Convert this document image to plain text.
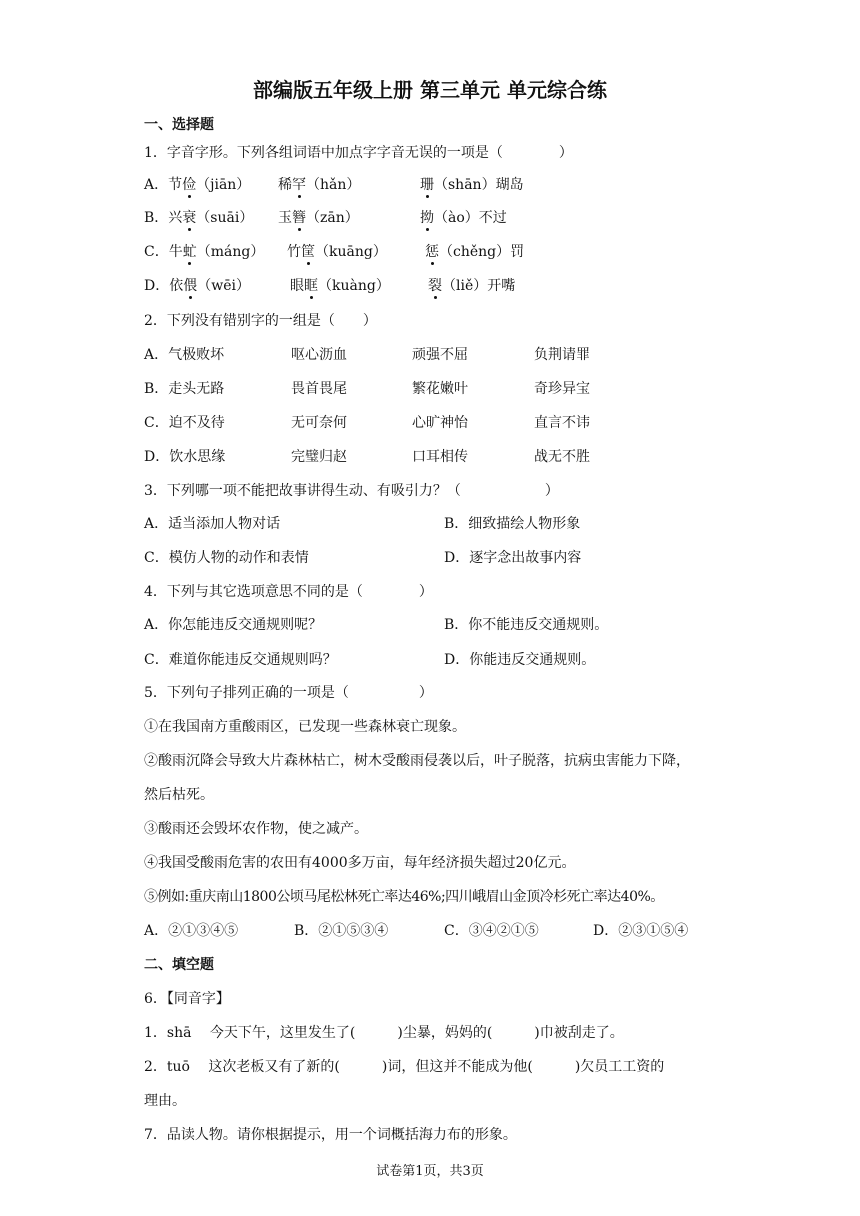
部编版五年级上册 第三单元 单元综合练
一、选择题
1．字音字形。下列各组词语中加点字字音无误的一项是（　　　　）
A．节俭（jiān） 稀罕（hǎn）	珊（shān）瑚岛
B．兴衰（suāi） 玉簪（zān）	拗（ào）不过
C．牛虻（máng） 竹筐（kuāng）	惩（chěng）罚
D．依偎（wēi）	眼眶（kuàng）	裂（liě）开嘴
2．下列没有错别字的一组是（　　）
A．气极败坏	呕心沥血	顽强不屈	负荆请罪
B．走头无路	畏首畏尾	繁花嫩叶	奇珍异宝
C．迫不及待	无可奈何	心旷神怡	直言不讳
D．饮水思缘	完璧归赵	口耳相传	战无不胜
3．下列哪一项不能把故事讲得生动、有吸引力？（　　　　　　）
A．适当添加人物对话	B．细致描绘人物形象
C．模仿人物的动作和表情	D．逐字念出故事内容
4．下列与其它选项意思不同的是（　　　　）
A．你怎能违反交通规则呢？	B．你不能违反交通规则。
C．难道你能违反交通规则吗？	D．你能违反交通规则。
5．下列句子排列正确的一项是（　　　　　）
①在我国南方重酸雨区，已发现一些森林衰亡现象。
②酸雨沉降会导致大片森林枯亡，树木受酸雨侵袭以后，叶子脱落，抗病虫害能力下降，
然后枯死。
③酸雨还会毁坏农作物，使之减产。
④我国受酸雨危害的农田有4000多万亩，每年经济损失超过20亿元。
⑤例如:重庆南山1800公顷马尾松林死亡率达46%;四川峨眉山金顶冷杉死亡率达40%。
A．②①③④⑤	B．②①⑤③④	C．③④②①⑤	D．②③①⑤④
二、填空题
6．【同音字】
1．shā　 今天下午，这里发生了(　　　)尘暴，妈妈的(　　　)巾被刮走了。
2．tuō　 这次老板又有了新的(　　　)词，但这并不能成为他(　　　)欠员工工资的
理由。
7．品读人物。请你根据提示，用一个词概括海力布的形象。
试卷第1页，共3页
